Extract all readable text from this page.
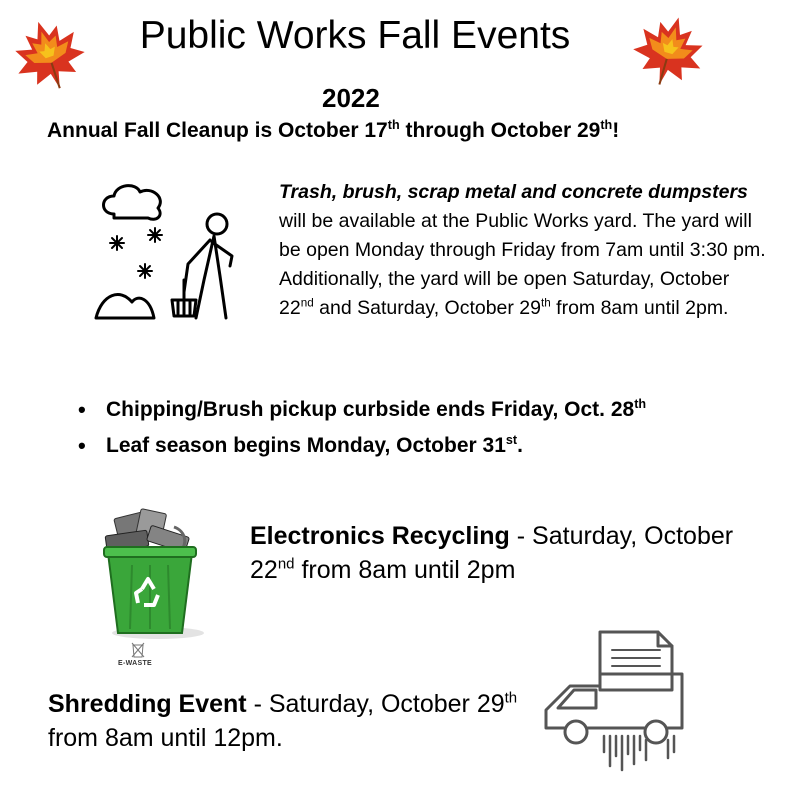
Public Works Fall Events
2022
Annual Fall Cleanup is October 17th through October 29th!
Trash, brush, scrap metal and concrete dumpsters will be available at the Public Works yard. The yard will be open Monday through Friday from 7am until 3:30 pm. Additionally, the yard will be open Saturday, October 22nd and Saturday, October 29th from 8am until 2pm.
• Chipping/Brush pickup curbside ends Friday, Oct. 28th
• Leaf season begins Monday, October 31st.
E-WASTE
Electronics Recycling - Saturday, October 22nd from 8am until 2pm
Shredding Event - Saturday, October 29th from 8am until 12pm.
